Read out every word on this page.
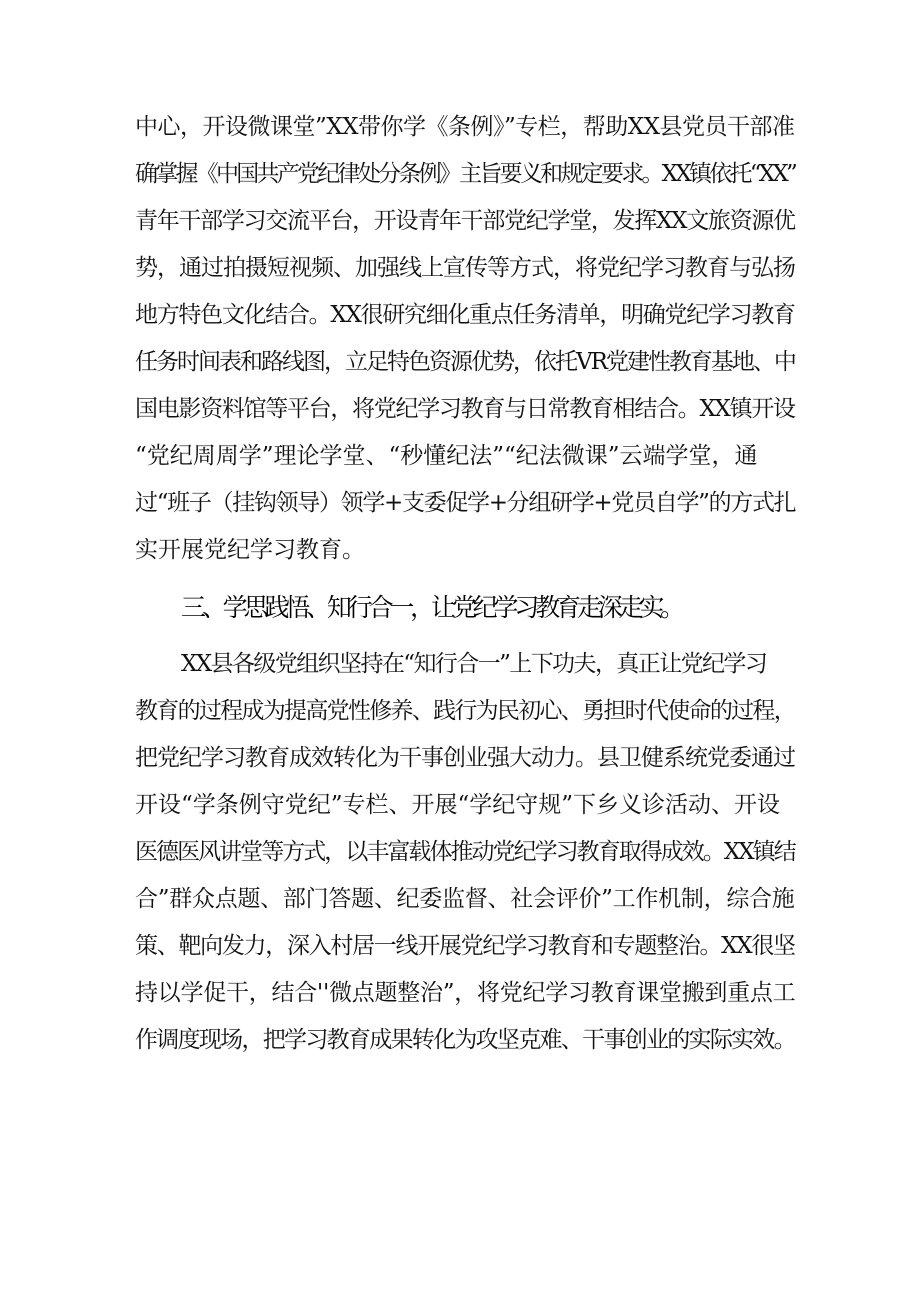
中心，开设微课堂”XX带你学《条例》”专栏，帮助XX县党员干部准
确掌握《中国共产党纪律处分条例》主旨要义和规定要求。XX镇依托“XX”
青年干部学习交流平台，开设青年干部党纪学堂，发挥XX文旅资源优
势，通过拍摄短视频、加强线上宣传等方式，将党纪学习教育与弘扬
地方特色文化结合。XX很研究细化重点任务清单，明确党纪学习教育
任务时间表和路线图，立足特色资源优势，依托VR党建性教育基地、中
国电影资料馆等平台，将党纪学习教育与日常教育相结合。XX镇开设
“党纪周周学”理论学堂、“秒懂纪法”“纪法微课”云端学堂，通
过“班子（挂钩领导）领学+支委促学+分组研学+党员自学”的方式扎
实开展党纪学习教育。
三、学思践悟、知行合一，让党纪学习教育走深走实。
XX县各级党组织坚持在“知行合一”上下功夫，真正让党纪学习
教育的过程成为提高党性修养、践行为民初心、勇担时代使命的过程，
把党纪学习教育成效转化为干事创业强大动力。县卫健系统党委通过
开设“学条例守党纪”专栏、开展“学纪守规”下乡义诊活动、开设
医德医风讲堂等方式，以丰富载体推动党纪学习教育取得成效。XX镇结
合”群众点题、部门答题、纪委监督、社会评价”工作机制，综合施
策、靶向发力，深入村居一线开展党纪学习教育和专题整治。XX很坚
持以学促干，结合''微点题整治”，将党纪学习教育课堂搬到重点工
作调度现场，把学习教育成果转化为攻坚克难、干事创业的实际实效。
